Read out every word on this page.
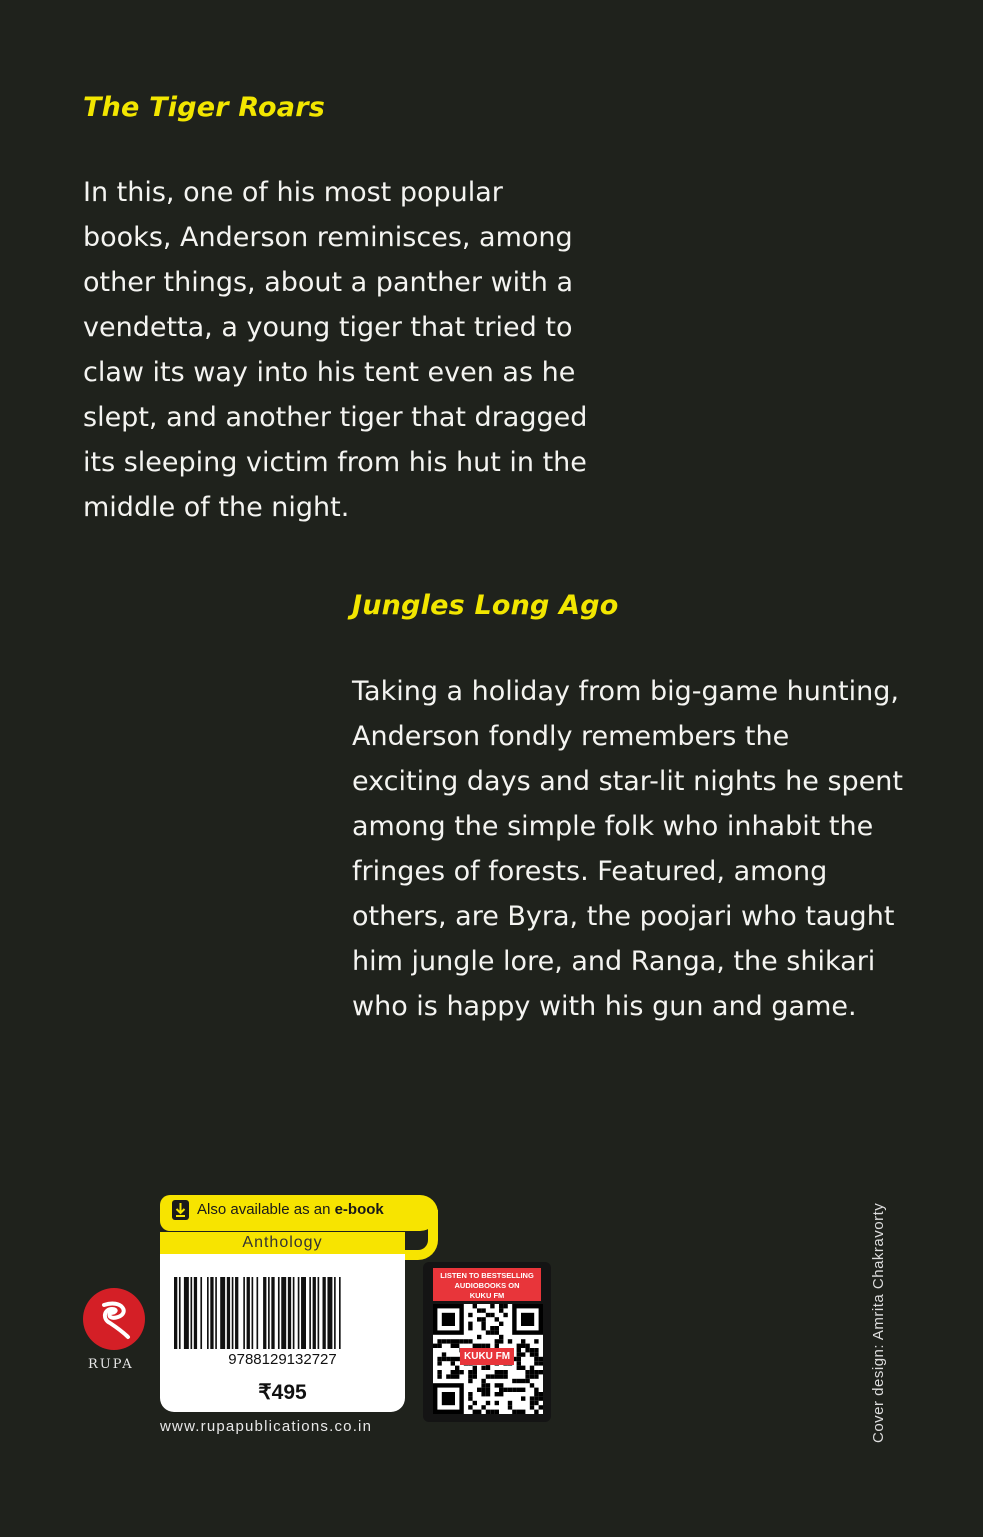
The Tiger Roars

In this, one of his most popular
books, Anderson reminisces, among
other things, about a panther with a
vendetta, a young tiger that tried to
claw its way into his tent even as he
slept, and another tiger that dragged
its sleeping victim from his hut in the
middle of the night.

Jungles Long Ago

Taking a holiday from big-game hunting,
Anderson fondly remembers the
exciting days and star-lit nights he spent
among the simple folk who inhabit the
fringes of forests. Featured, among
others, are Byra, the poojari who taught
him jungle lore, and Ranga, the shikari
who is happy with his gun and game.

RUPA
Also available as an e-book
Anthology
9788129132727
₹495
www.rupapublications.co.in
LISTEN TO BESTSELLING
AUDIOBOOKS ON
KUKU FM
KUKU FM	Cover design: Amrita Chakravorty
